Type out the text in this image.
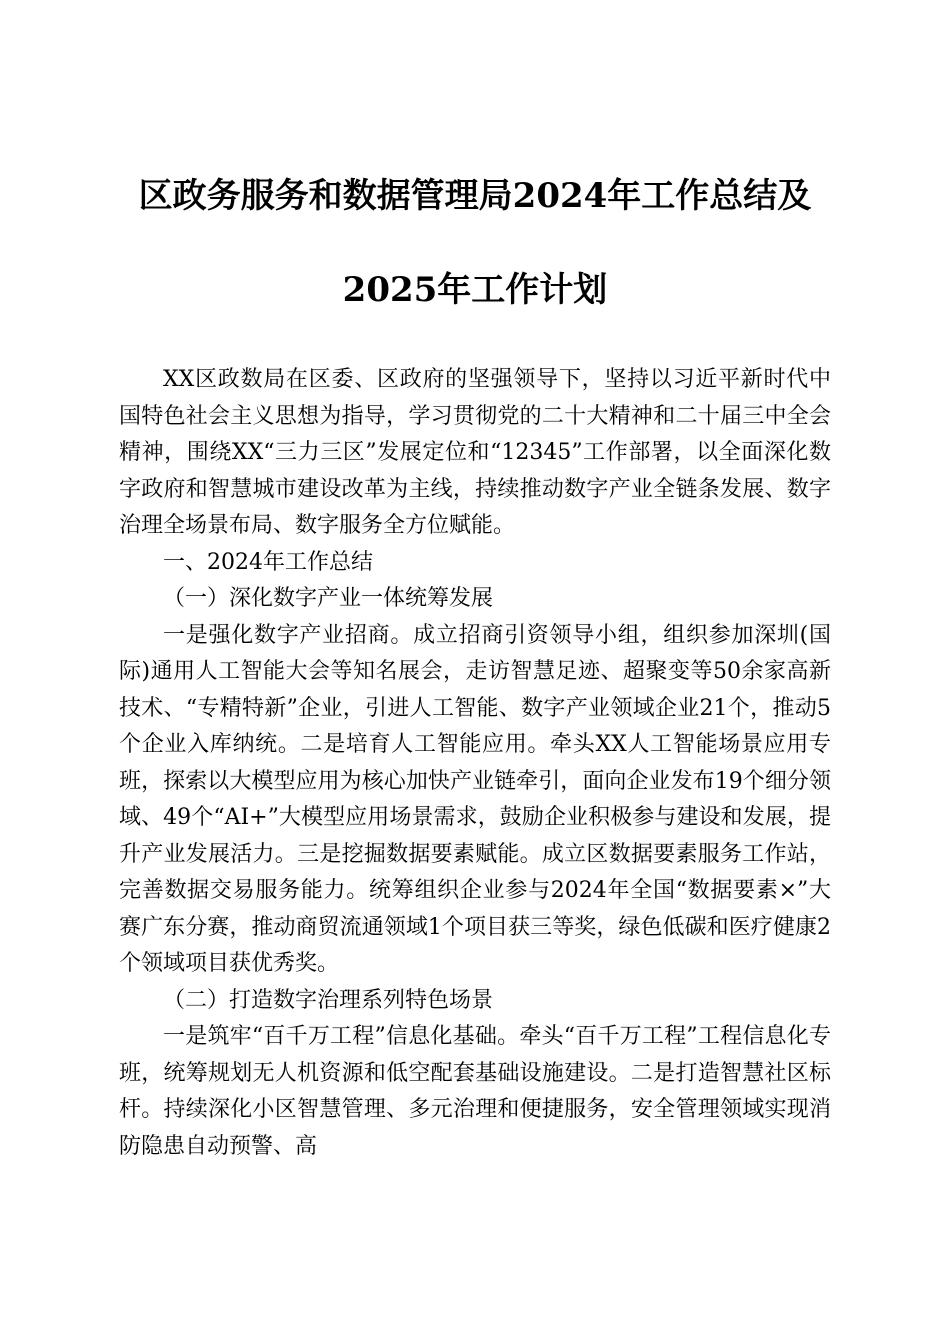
区政务服务和数据管理局2024年工作总结及
2025年工作计划

XX区政数局在区委、区政府的坚强领导下，坚持以习近平新时代中国特色社会主义思想为指导，学习贯彻党的二十大精神和二十届三中全会精神，围绕XX“三力三区”发展定位和“12345”工作部署，以全面深化数字政府和智慧城市建设改革为主线，持续推动数字产业全链条发展、数字治理全场景布局、数字服务全方位赋能。

一、2024年工作总结

（一）深化数字产业一体统筹发展

一是强化数字产业招商。成立招商引资领导小组，组织参加深圳(国际)通用人工智能大会等知名展会，走访智慧足迹、超聚变等50余家高新技术、“专精特新”企业，引进人工智能、数字产业领域企业21个，推动5个企业入库纳统。二是培育人工智能应用。牵头XX人工智能场景应用专班，探索以大模型应用为核心加快产业链牵引，面向企业发布19个细分领域、49个“AI+”大模型应用场景需求，鼓励企业积极参与建设和发展，提升产业发展活力。三是挖掘数据要素赋能。成立区数据要素服务工作站，完善数据交易服务能力。统筹组织企业参与2024年全国“数据要素×”大赛广东分赛，推动商贸流通领域1个项目获三等奖，绿色低碳和医疗健康2个领域项目获优秀奖。

（二）打造数字治理系列特色场景

一是筑牢“百千万工程”信息化基础。牵头“百千万工程”工程信息化专班，统筹规划无人机资源和低空配套基础设施建设。二是打造智慧社区标杆。持续深化小区智慧管理、多元治理和便捷服务，安全管理领域实现消防隐患自动预警、高
